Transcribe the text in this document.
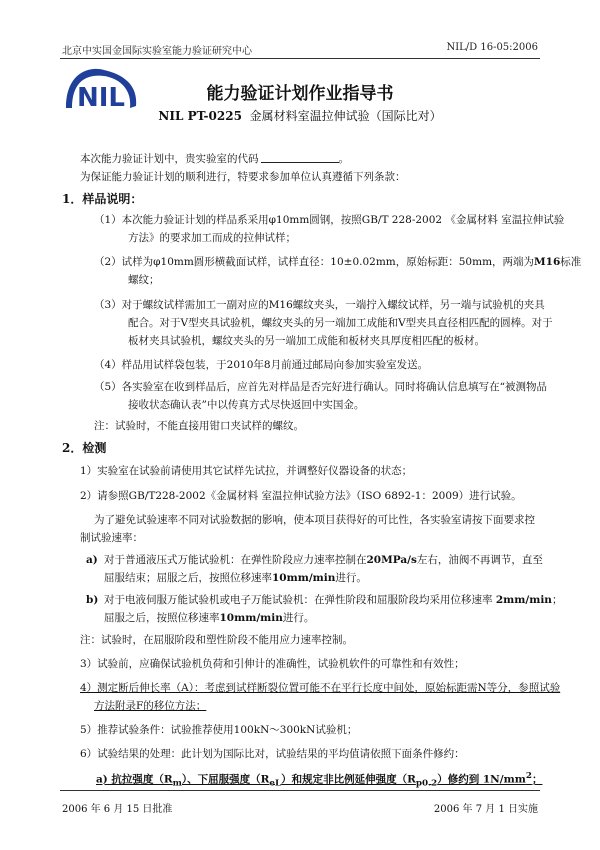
北京中实国金国际实验室能力验证研究中心	NIL/D 16-05:2006
NIL	能力验证计划作业指导书
NIL PT-0225 金属材料室温拉伸试验（国际比对）
本次能力验证计划中，贵实验室的代码	。
为保证能力验证计划的顺利进行，特要求参加单位认真遵循下列条款：
1．样品说明：
（1）本次能力验证计划的样品系采用φ10mm圆钢，按照GB/T 228-2002 《金属材料 室温拉伸试验
方法》的要求加工而成的拉伸试样；
（2）试样为φ10mm圆形横截面试样，试样直径：10±0.02mm，原始标距：50mm，两端为M16标准
螺纹；
（3）对于螺纹试样需加工一副对应的M16螺纹夹头，一端拧入螺纹试样，另一端与试验机的夹具
配合。对于V型夹具试验机，螺纹夹头的另一端加工成能和V型夹具直径相匹配的圆棒。对于
板材夹具试验机，螺纹夹头的另一端加工成能和板材夹具厚度相匹配的板材。
（4）样品用试样袋包装，于2010年8月前通过邮局向参加实验室发送。
（5）各实验室在收到样品后，应首先对样品是否完好进行确认。同时将确认信息填写在“被测物品
接收状态确认表”中以传真方式尽快返回中实国金。
注：试验时，不能直接用钳口夹试样的螺纹。
2．检测
1）实验室在试验前请使用其它试样先试拉，并调整好仪器设备的状态；
2）请参照GB/T228-2002《金属材料 室温拉伸试验方法》（ISO 6892-1：2009）进行试验。
为了避免试验速率不同对试验数据的影响，使本项目获得好的可比性，各实验室请按下面要求控
制试验速率：
a) 对于普通液压式万能试验机：在弹性阶段应力速率控制在20MPa/s左右，油阀不再调节，直至
屈服结束；屈服之后，按照位移速率10mm/min进行。
b) 对于电液伺服万能试验机或电子万能试验机：在弹性阶段和屈服阶段均采用位移速率 2mm/min；
屈服之后，按照位移速率10mm/min进行。
注：试验时，在屈服阶段和塑性阶段不能用应力速率控制。
3）试验前，应确保试验机负荷和引伸计的准确性，试验机软件的可靠性和有效性；
4）测定断后伸长率（A）：考虑到试样断裂位置可能不在平行长度中间处，原始标距需N等分，参照试验
方法附录F的移位方法；
5）推荐试验条件：试验推荐使用100kN～300kN试验机；
6）试验结果的处理：此计划为国际比对，试验结果的平均值请依照下面条件修约：
a) 抗拉强度$(R_m)$、下屈服强度$(R_{eL})$和规定非比例延伸强度$(R_{p0.2})$修约到 $1N/mm^2$；
2006 年 6 月 15 日批准	2006 年 7 月 1 日实施
